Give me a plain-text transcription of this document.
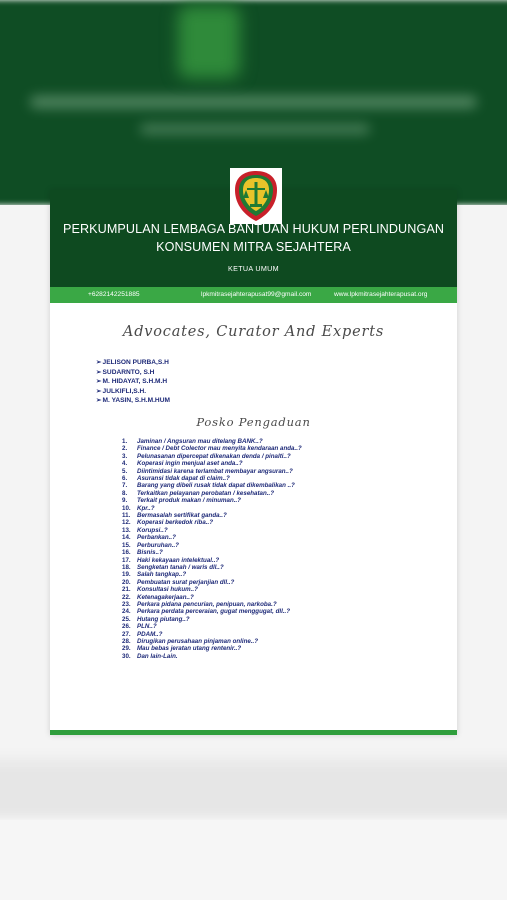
PERKUMPULAN LEMBAGA BANTUAN HUKUM PERLINDUNGAN
KONSUMEN MITRA SEJAHTERA
KETUA UMUM
+6282142251885	lpkmitrasejahterapusat99@gmail.com	www.lpkmitrasejahterapusat.org
Advocates, Curator And Experts
➢ JELISON PURBA,S.H
➢ SUDARNTO, S.H
➢ M. HIDAYAT, S.H.M.H
➢ JULKIFLI,S.H.
➢ M. YASIN, S.H.M.HUM
Posko Pengaduan
1. Jaminan / Angsuran mau ditelang BANK..?
2. Finance / Debt Colector mau menyita kendaraan anda..?
3. Pelunasanan dipercepat dikenakan denda / pinalti..?
4. Koperasi ingin menjual aset anda..?
5. Diintimidasi karena terlambat membayar angsuran..?
6. Asuransi tidak dapat di claim..?
7. Barang yang dibeli rusak tidak dapat dikembalikan ..?
8. Terkaitkan pelayanan perobatan / kesehatan..?
9. Terkait produk makan / minuman..?
10. Kpr..?
11. Bermasalah sertifikat ganda..?
12. Koperasi berkedok riba..?
13. Korupsi..?
14. Perbankan..?
15. Perburuhan..?
16. Bisnis..?
17. Haki kekayaan intelektual..?
18. Sengketan tanah / waris dll..?
19. Salah tangkap..?
20. Pembuatan surat perjanjian dll..?
21. Konsultasi hukum..?
22. Ketenagakerjaan..?
23. Perkara pidana pencurian, penipuan, narkoba.?
24. Perkara perdata perceraian, gugat menggugat, dll..?
25. Hutang piutang..?
26. PLN..?
27. PDAM..?
28. Dirugikan perusahaan pinjaman online..?
29. Mau bebas jeratan utang rentenir..?
30. Dan lain-Lain.
